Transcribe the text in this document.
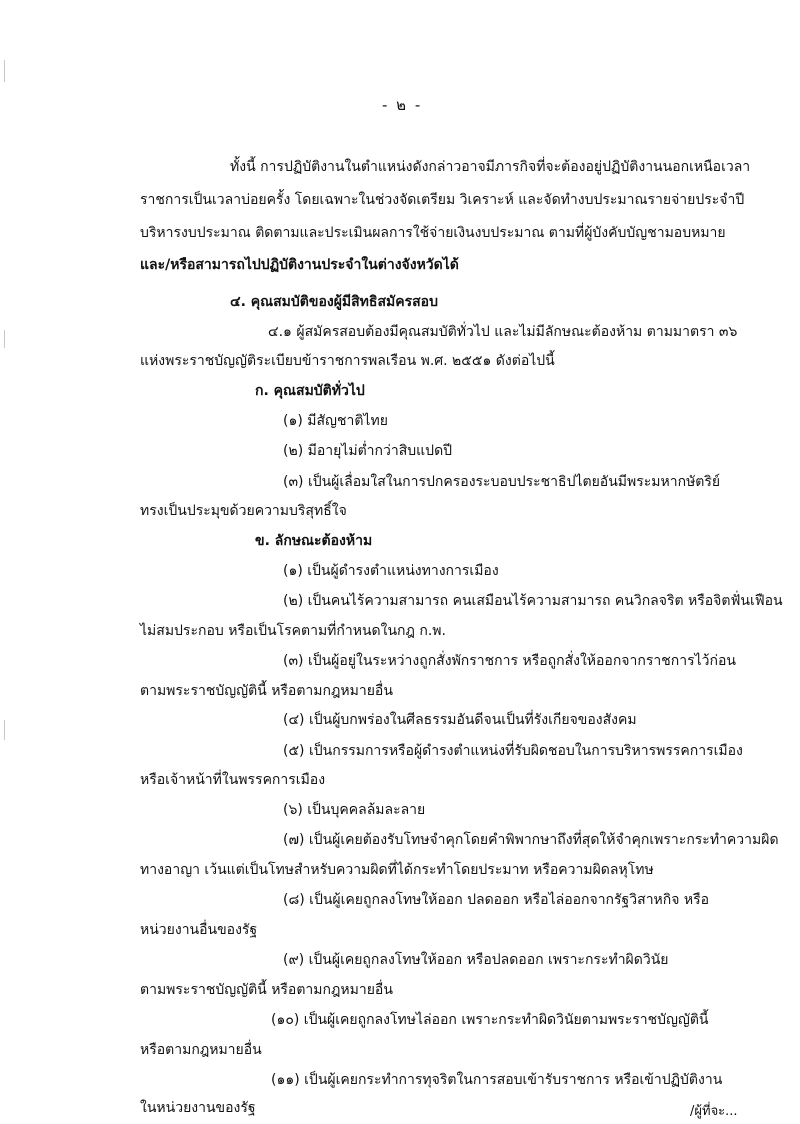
- ๒ -
ทั้งนี้ การปฏิบัติงานในตำแหน่งดังกล่าวอาจมีภารกิจที่จะต้องอยู่ปฏิบัติงานนอกเหนือเวลา
ราชการเป็นเวลาบ่อยครั้ง โดยเฉพาะในช่วงจัดเตรียม วิเคราะห์ และจัดทำงบประมาณรายจ่ายประจำปี
บริหารงบประมาณ ติดตามและประเมินผลการใช้จ่ายเงินงบประมาณ ตามที่ผู้บังคับบัญชามอบหมาย
และ/หรือสามารถไปปฏิบัติงานประจำในต่างจังหวัดได้
๔. คุณสมบัติของผู้มีสิทธิสมัครสอบ
๔.๑ ผู้สมัครสอบต้องมีคุณสมบัติทั่วไป และไม่มีลักษณะต้องห้าม ตามมาตรา ๓๖
แห่งพระราชบัญญัติระเบียบข้าราชการพลเรือน พ.ศ. ๒๕๕๑ ดังต่อไปนี้
ก. คุณสมบัติทั่วไป
(๑) มีสัญชาติไทย
(๒) มีอายุไม่ต่ำกว่าสิบแปดปี
(๓) เป็นผู้เลื่อมใสในการปกครองระบอบประชาธิปไตยอันมีพระมหากษัตริย์
ทรงเป็นประมุขด้วยความบริสุทธิ์ใจ
ข. ลักษณะต้องห้าม
(๑) เป็นผู้ดำรงตำแหน่งทางการเมือง
(๒) เป็นคนไร้ความสามารถ คนเสมือนไร้ความสามารถ คนวิกลจริต หรือจิตฟั่นเฟือน
ไม่สมประกอบ หรือเป็นโรคตามที่กำหนดในกฎ ก.พ.
(๓) เป็นผู้อยู่ในระหว่างถูกสั่งพักราชการ หรือถูกสั่งให้ออกจากราชการไว้ก่อน
ตามพระราชบัญญัตินี้ หรือตามกฎหมายอื่น
(๔) เป็นผู้บกพร่องในศีลธรรมอันดีจนเป็นที่รังเกียจของสังคม
(๕) เป็นกรรมการหรือผู้ดำรงตำแหน่งที่รับผิดชอบในการบริหารพรรคการเมือง
หรือเจ้าหน้าที่ในพรรคการเมือง
(๖) เป็นบุคคลล้มละลาย
(๗) เป็นผู้เคยต้องรับโทษจำคุกโดยคำพิพากษาถึงที่สุดให้จำคุกเพราะกระทำความผิด
ทางอาญา เว้นแต่เป็นโทษสำหรับความผิดที่ได้กระทำโดยประมาท หรือความผิดลหุโทษ
(๘) เป็นผู้เคยถูกลงโทษให้ออก ปลดออก หรือไล่ออกจากรัฐวิสาหกิจ หรือ
หน่วยงานอื่นของรัฐ
(๙) เป็นผู้เคยถูกลงโทษให้ออก หรือปลดออก เพราะกระทำผิดวินัย
ตามพระราชบัญญัตินี้ หรือตามกฎหมายอื่น
(๑๐) เป็นผู้เคยถูกลงโทษไล่ออก เพราะกระทำผิดวินัยตามพระราชบัญญัตินี้
หรือตามกฎหมายอื่น
(๑๑) เป็นผู้เคยกระทำการทุจริตในการสอบเข้ารับราชการ หรือเข้าปฏิบัติงาน
ในหน่วยงานของรัฐ	/ผู้ที่จะ...
